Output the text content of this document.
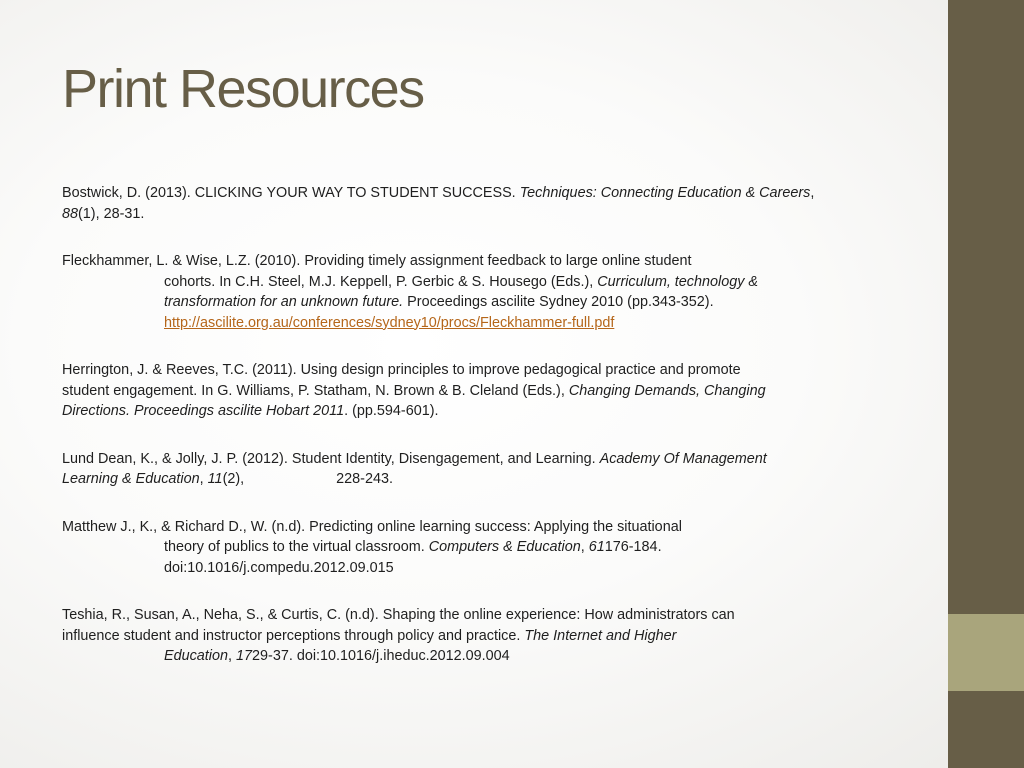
Print Resources
Bostwick, D. (2013). CLICKING YOUR WAY TO STUDENT SUCCESS. Techniques: Connecting Education & Careers,
88(1), 28-31.
Fleckhammer, L. & Wise, L.Z. (2010). Providing timely assignment feedback to large online student
cohorts. In C.H. Steel, M.J. Keppell, P. Gerbic & S. Housego (Eds.), Curriculum, technology &
transformation for an unknown future. Proceedings ascilite Sydney 2010 (pp.343-352).
http://ascilite.org.au/conferences/sydney10/procs/Fleckhammer-full.pdf
Herrington, J. & Reeves, T.C. (2011). Using design principles to improve pedagogical practice and promote
student engagement. In G. Williams, P. Statham, N. Brown & B. Cleland (Eds.), Changing Demands, Changing
Directions. Proceedings ascilite Hobart 2011. (pp.594-601).
Lund Dean, K., & Jolly, J. P. (2012). Student Identity, Disengagement, and Learning. Academy Of Management
Learning & Education, 11(2),	228-243.
Matthew J., K., & Richard D., W. (n.d). Predicting online learning success: Applying the situational
theory of publics to the virtual classroom. Computers & Education, 61176-184.
doi:10.1016/j.compedu.2012.09.015
Teshia, R., Susan, A., Neha, S., & Curtis, C. (n.d). Shaping the online experience: How administrators can
influence student and instructor perceptions through policy and practice. The Internet and Higher
Education, 1729-37. doi:10.1016/j.iheduc.2012.09.004
